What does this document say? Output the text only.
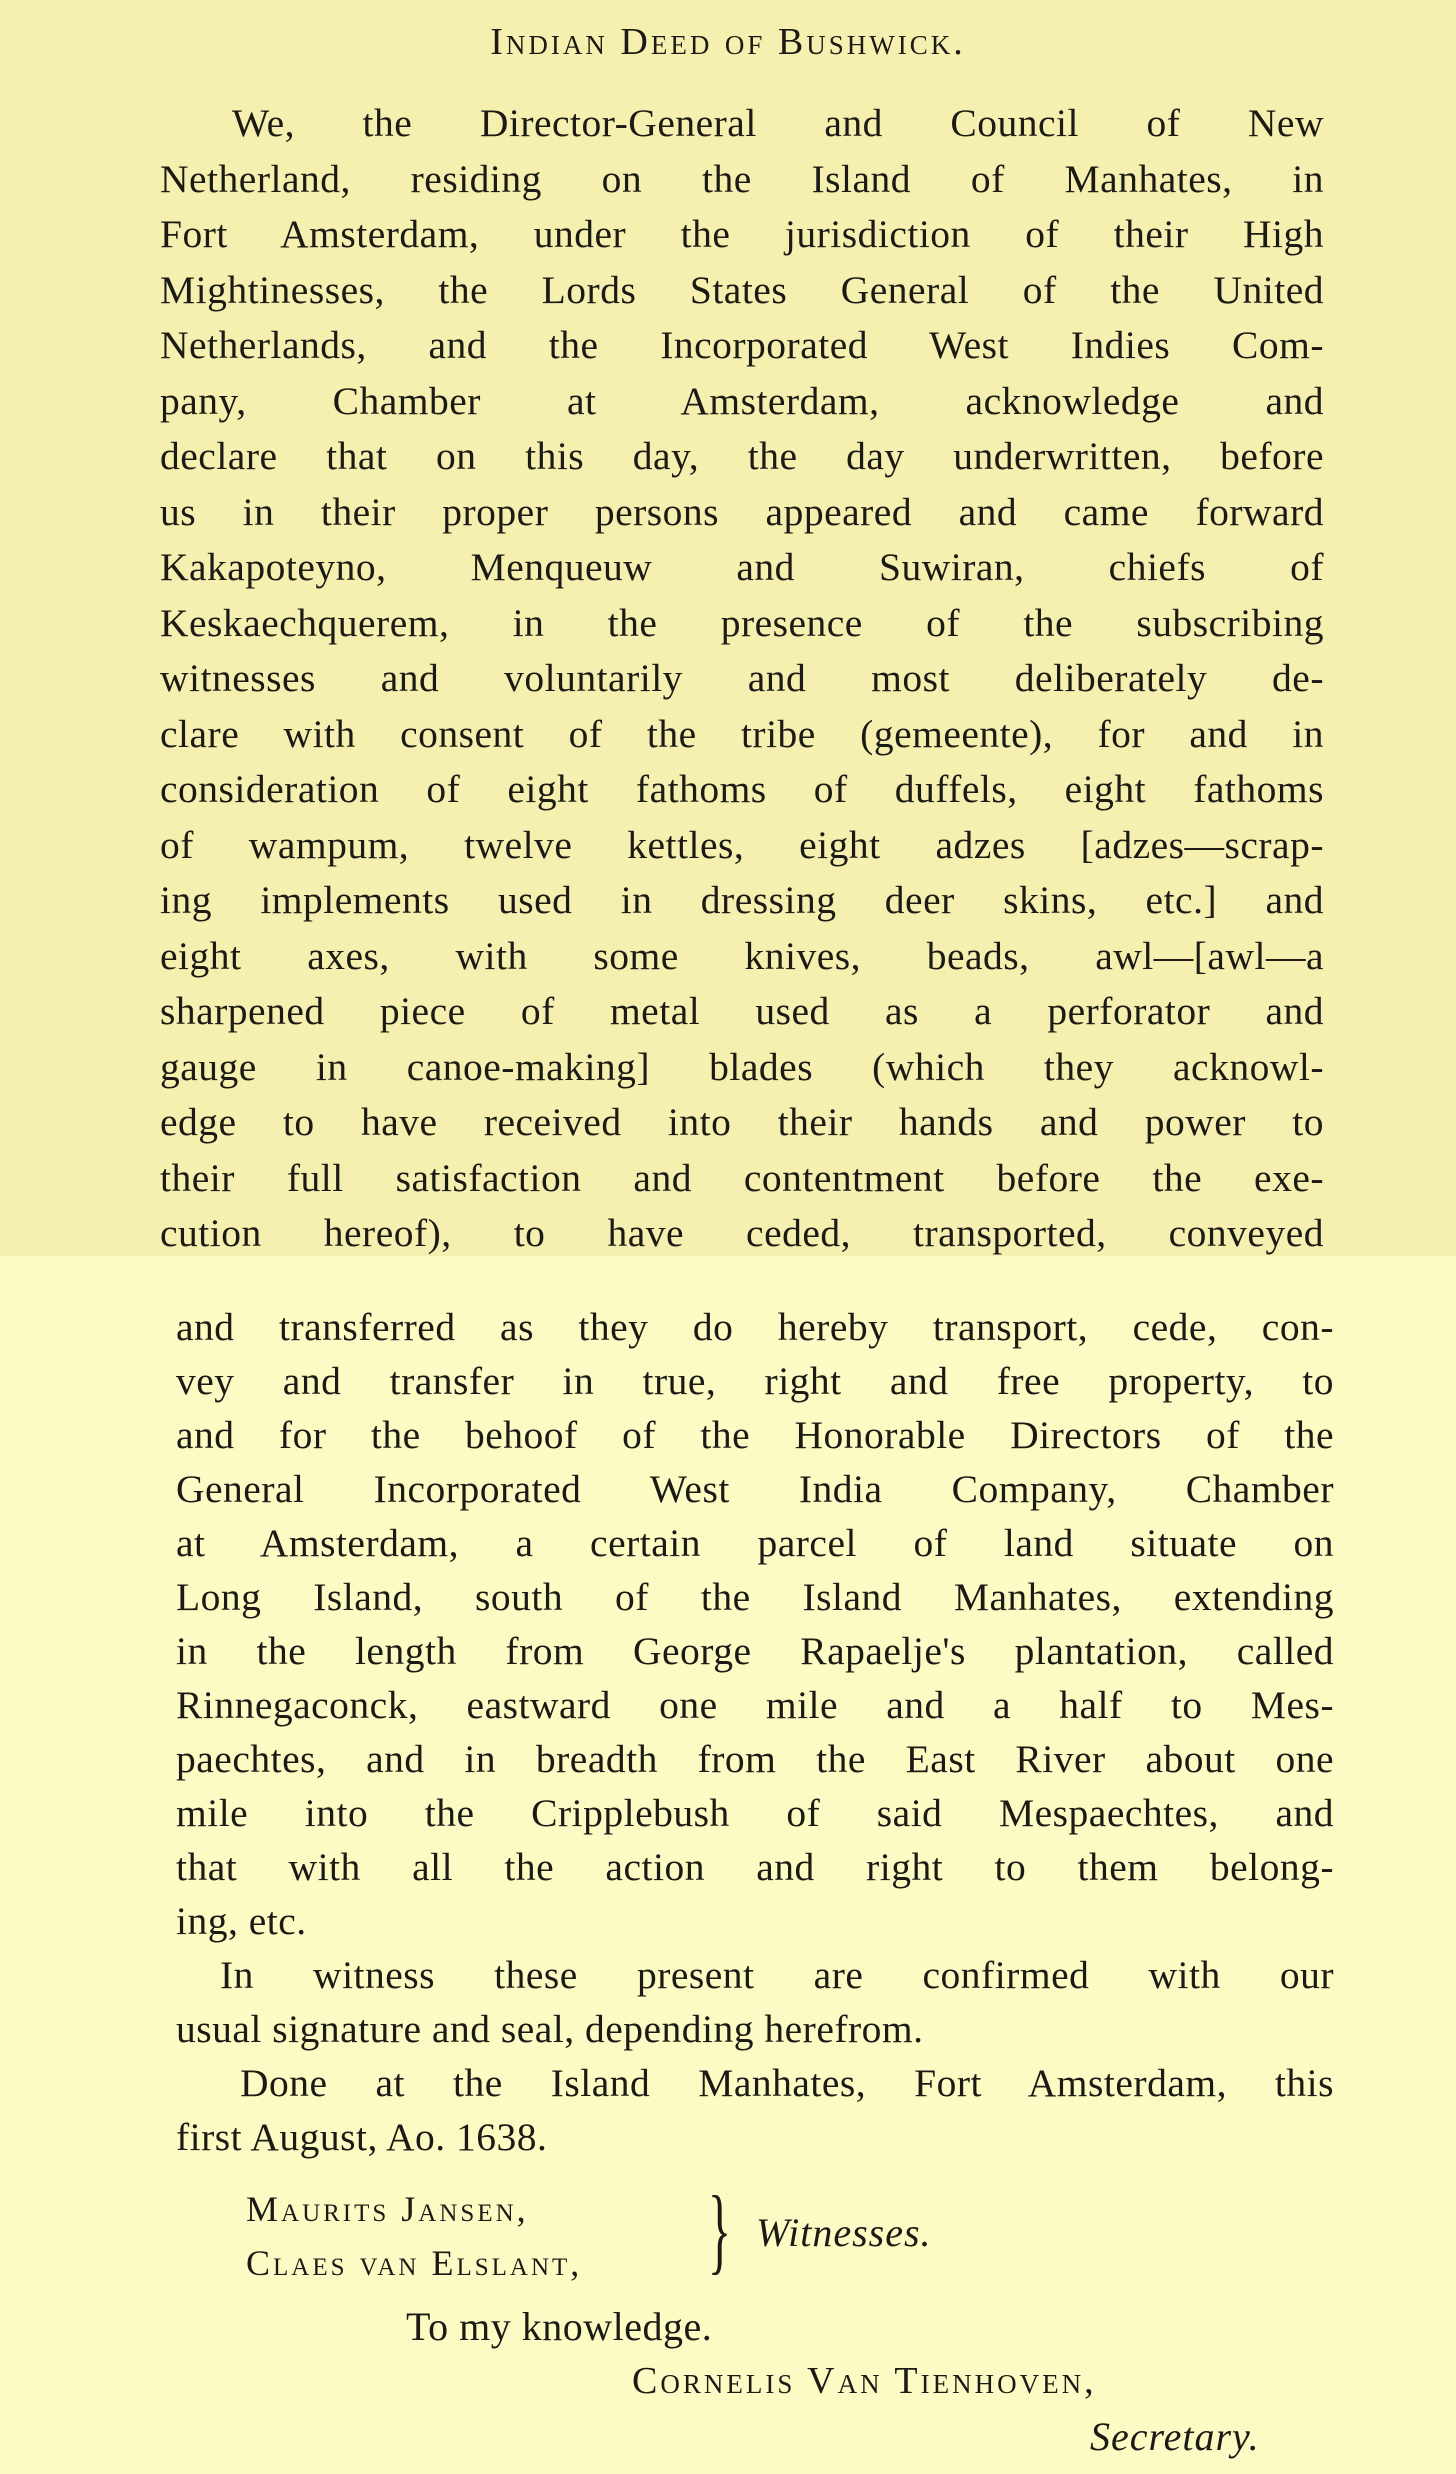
Indian Deed of Bushwick.
We, the Director-General and Council of New
Netherland, residing on the Island of Manhates, in
Fort Amsterdam, under the jurisdiction of their High
Mightinesses, the Lords States General of the United
Netherlands, and the Incorporated West Indies Com-
pany, Chamber at Amsterdam, acknowledge and
declare that on this day, the day underwritten, before
us in their proper persons appeared and came forward
Kakapoteyno, Menqueuw and Suwiran, chiefs of
Keskaechquerem, in the presence of the subscribing
witnesses and voluntarily and most deliberately de-
clare with consent of the tribe (gemeente), for and in
consideration of eight fathoms of duffels, eight fathoms
of wampum, twelve kettles, eight adzes [adzes—scrap-
ing implements used in dressing deer skins, etc.] and
eight axes, with some knives, beads, awl—[awl—a
sharpened piece of metal used as a perforator and
gauge in canoe-making] blades (which they acknowl-
edge to have received into their hands and power to
their full satisfaction and contentment before the exe-
cution hereof), to have ceded, transported, conveyed
and transferred as they do hereby transport, cede, con-
vey and transfer in true, right and free property, to
and for the behoof of the Honorable Directors of the
General Incorporated West India Company, Chamber
at Amsterdam, a certain parcel of land situate on
Long Island, south of the Island Manhates, extending
in the length from George Rapaelje's plantation, called
Rinnegaconck, eastward one mile and a half to Mes-
paechtes, and in breadth from the East River about one
mile into the Cripplebush of said Mespaechtes, and
that with all the action and right to them belong-
ing, etc.
In witness these present are confirmed with our
usual signature and seal, depending herefrom.
Done at the Island Manhates, Fort Amsterdam, this
first August, Ao. 1638.
Maurits Jansen,
Claes van Elslant, } Witnesses.
To my knowledge.
Cornelis Van Tienhoven,
Secretary.
